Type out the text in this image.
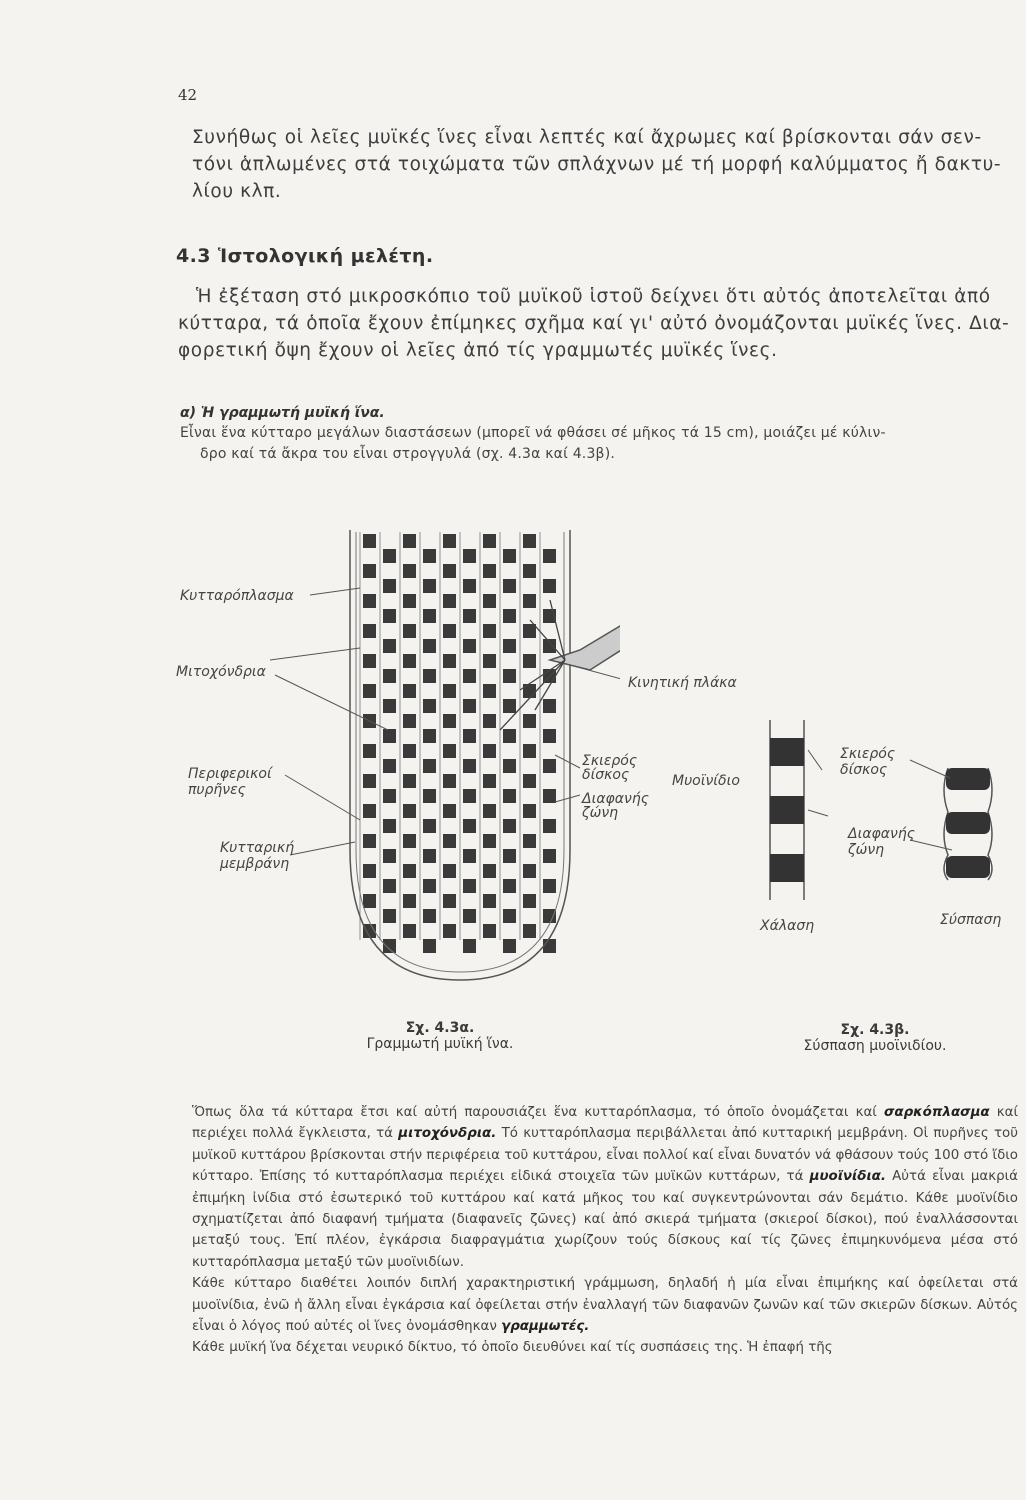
42
Συνήθως οἱ λεῖες μυϊκές ἵνες εἶναι λεπτές καί ἄχρωμες καί βρίσκονται σάν σεν-
τόνι ἁπλωμένες στά τοιχώματα τῶν σπλάχνων μέ τή μορφή καλύμματος ἤ δακτυ-
λίου κλπ.
4.3 Ἱστολογική μελέτη.
Ἡ ἐξέταση στό μικροσκόπιο τοῦ μυϊκοῦ ἱστοῦ δείχνει ὅτι αὐτός ἀποτελεῖται ἀπό
κύτταρα, τά ὁποῖα ἔχουν ἐπίμηκες σχῆμα καί γι' αὐτό ὀνομάζονται μυϊκές ἵνες. Δια-
φορετική ὄψη ἔχουν οἱ λεῖες ἀπό τίς γραμμωτές μυϊκές ἵνες.
α) Ἡ γραμμωτή μυϊκή ἵνα.
Εἶναι ἕνα κύτταρο μεγάλων διαστάσεων (μπορεῖ νά φθάσει σέ μῆκος τά 15 cm), μοιάζει μέ κύλιν-
δρο καί τά ἄκρα του εἶναι στρογγυλά (σχ. 4.3α καί 4.3β).
Κυτταρόπλασμα
Μιτοχόνδρια
Περιφερικοί
πυρῆνες
Κυτταρική
μεμβράνη
Κινητική πλάκα
Σκιερός
δίσκος
Διαφανής
ζώνη
Μυοϊνίδιο
Σκιερός
δίσκος
Διαφανής
ζώνη
Χάλαση	Σύσπαση
Σχ. 4.3α.
Γραμμωτή μυϊκή ἵνα.
Σχ. 4.3β.
Σύσπαση μυοϊνιδίου.

Ὅπως ὅλα τά κύτταρα ἔτσι καί αὐτή παρουσιάζει ἕνα κυτταρόπλασμα, τό ὁποῖο ὀνομάζεται καί σαρκόπλασμα καί περιέχει πολλά ἔγκλειστα, τά μιτοχόνδρια. Τό κυτταρόπλασμα περιβάλλεται ἀπό κυτταρική μεμβράνη. Οἱ πυρῆνες τοῦ μυϊκοῦ κυττάρου βρίσκονται στήν περιφέρεια τοῦ κυττάρου, εἶναι πολλοί καί εἶναι δυνατόν νά φθάσουν τούς 100 στό ἴδιο κύτταρο. Ἐπίσης τό κυτταρόπλασμα περιέχει εἰδικά στοιχεῖα τῶν μυϊκῶν κυττάρων, τά μυοϊνίδια. Αὐτά εἶναι μακριά ἐπιμήκη ἰνίδια στό ἐσωτερικό τοῦ κυττάρου καί κατά μῆκος του καί συγκεντρώνονται σάν δεμάτιο. Κάθε μυοϊνίδιο σχηματίζεται ἀπό διαφανή τμήματα (διαφανεῖς ζῶνες) καί ἀπό σκιερά τμήματα (σκιεροί δίσκοι), πού ἐναλλάσσονται μεταξύ τους. Ἐπί πλέον, ἐγκάρσια διαφραγμάτια χωρίζουν τούς δίσκους καί τίς ζῶνες ἐπιμηκυνόμενα μέσα στό κυτταρόπλασμα μεταξύ τῶν μυοϊνιδίων.

Κάθε κύτταρο διαθέτει λοιπόν διπλή χαρακτηριστική γράμμωση, δηλαδή ἡ μία εἶναι ἐπιμήκης καί ὀφείλεται στά μυοϊνίδια, ἐνῶ ἡ ἄλλη εἶναι ἐγκάρσια καί ὀφείλεται στήν ἐναλλαγή τῶν διαφανῶν ζωνῶν καί τῶν σκιερῶν δίσκων. Αὐτός εἶναι ὁ λόγος πού αὐτές οἱ ἵνες ὀνομάσθηκαν γραμμωτές.

Κάθε μυϊκή ἵνα δέχεται νευρικό δίκτυο, τό ὁποῖο διευθύνει καί τίς συσπάσεις της. Ἡ ἐπαφή τῆς
